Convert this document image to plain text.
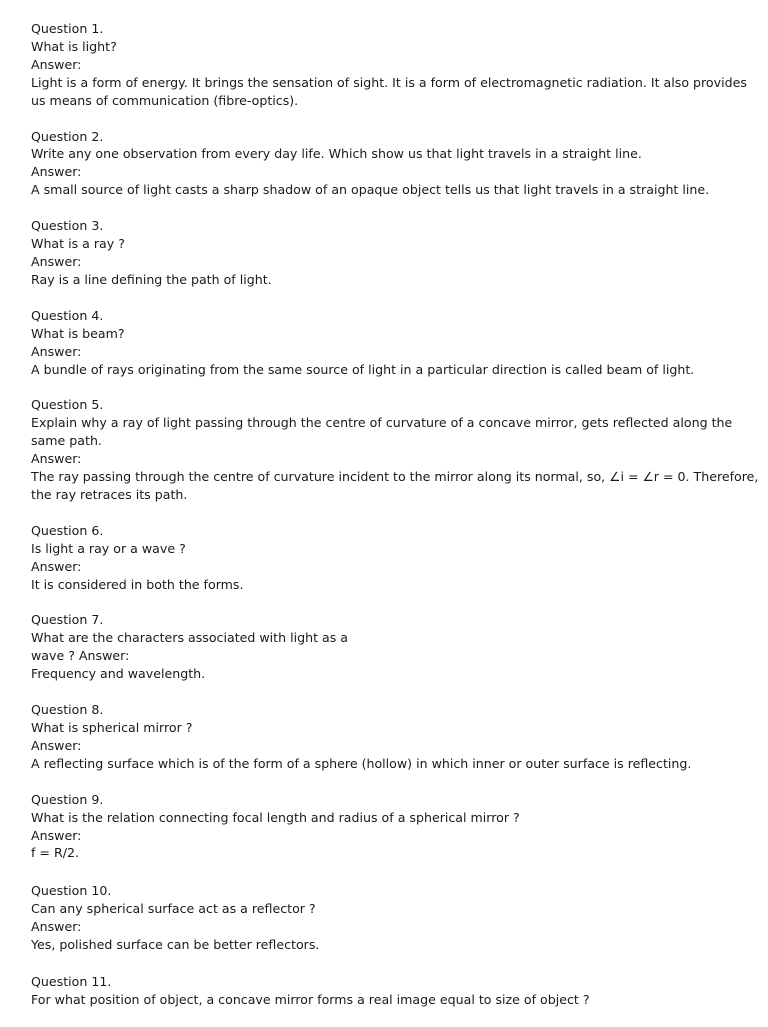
Question 1.

What is light?

Answer:

Light is a form of energy. It brings the sensation of sight. It is a form of electromagnetic radiation. It also provides us means of communication (fibre-optics).

Question 2.

Write any one observation from every day life. Which show us that light travels in a straight line.

Answer:

A small source of light casts a sharp shadow of an opaque object tells us that light travels in a straight line.

Question 3.

What is a ray ?

Answer:

Ray is a line defining the path of light.

Question 4.

What is beam?

Answer:

A bundle of rays originating from the same source of light in a particular direction is called beam of light.

Question 5.

Explain why a ray of light passing through the centre of curvature of a concave mirror, gets reflected along the same path.

Answer:

The ray passing through the centre of curvature incident to the mirror along its normal, so, ∠i = ∠r = 0. Therefore, the ray retraces its path.

Question 6.

Is light a ray or a wave ?

Answer:

It is considered in both the forms.

Question 7.

What are the characters associated with light as a

wave ? Answer:

Frequency and wavelength.

Question 8.

What is spherical mirror ?

Answer:

A reflecting surface which is of the form of a sphere (hollow) in which inner or outer surface is reflecting.

Question 9.

What is the relation connecting focal length and radius of a spherical mirror ?

Answer:

f = R/2.

Question 10.

Can any spherical surface act as a reflector ?

Answer:

Yes, polished surface can be better reflectors.

Question 11.

For what position of object, a concave mirror forms a real image equal to size of object ?
